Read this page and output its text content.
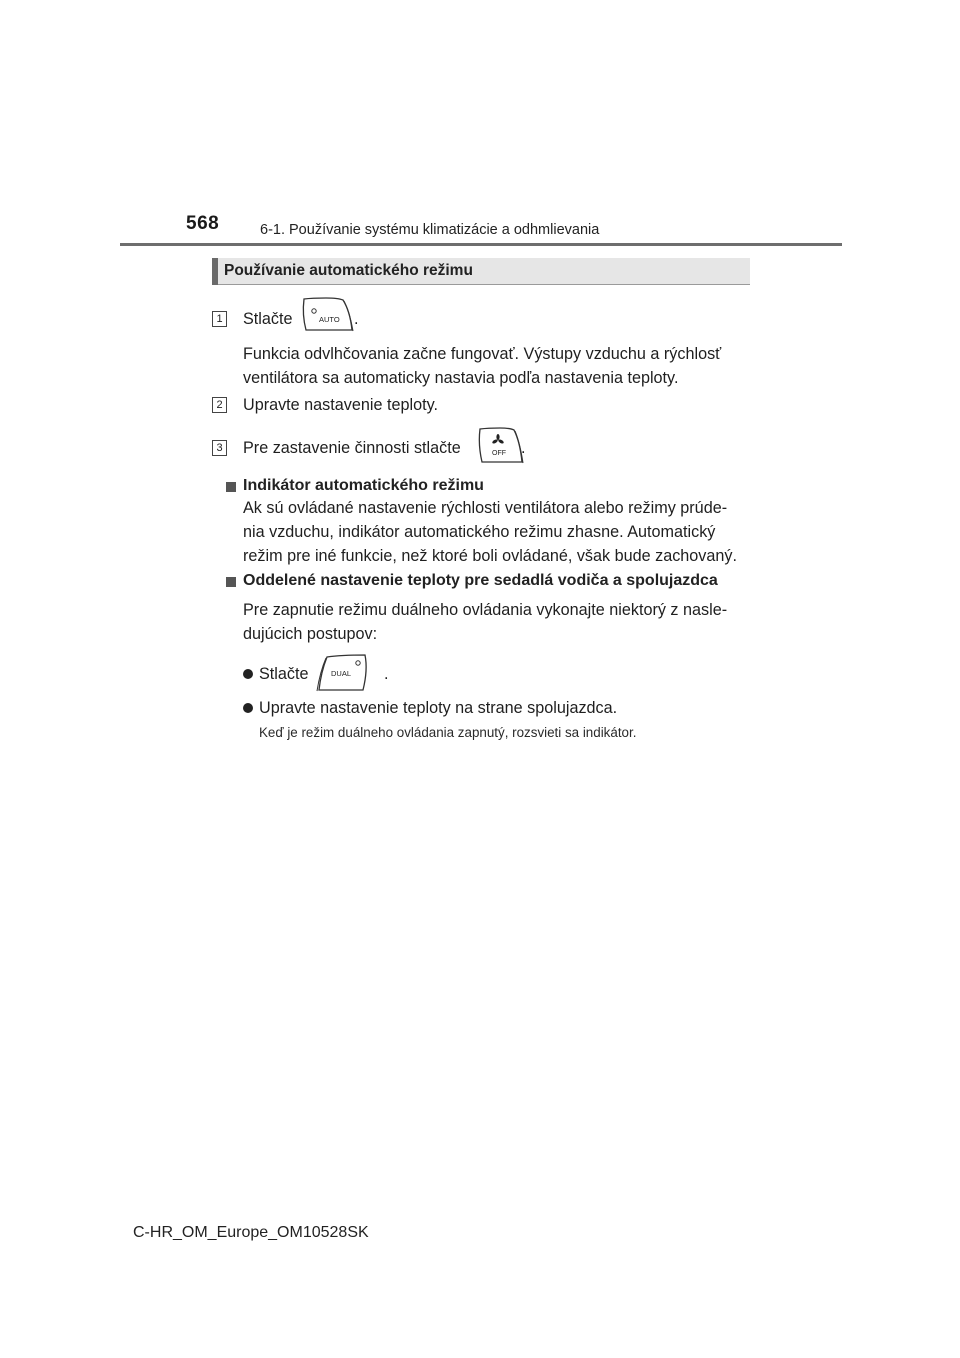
568	6-1. Používanie systému klimatizácie a odhmlievania
Používanie automatického režimu
1 Stlačte	AUTO .
Funkcia odvlhčovania začne fungovať. Výstupy vzduchu a rýchlosť
ventilátora sa automaticky nastavia podľa nastavenia teploty.
2 Upravte nastavenie teploty.
3 Pre zastavenie činnosti stlačte	OFF .
Indikátor automatického režimu
Ak sú ovládané nastavenie rýchlosti ventilátora alebo režimy prúde-
nia vzduchu, indikátor automatického režimu zhasne. Automatický
režim pre iné funkcie, než ktoré boli ovládané, však bude zachovaný.
Oddelené nastavenie teploty pre sedadlá vodiča a spolujazdca
Pre zapnutie režimu duálneho ovládania vykonajte niektorý z nasle-
dujúcich postupov:
Stlačte	DUAL .
Upravte nastavenie teploty na strane spolujazdca.
Keď je režim duálneho ovládania zapnutý, rozsvieti sa indikátor.
C-HR_OM_Europe_OM10528SK
